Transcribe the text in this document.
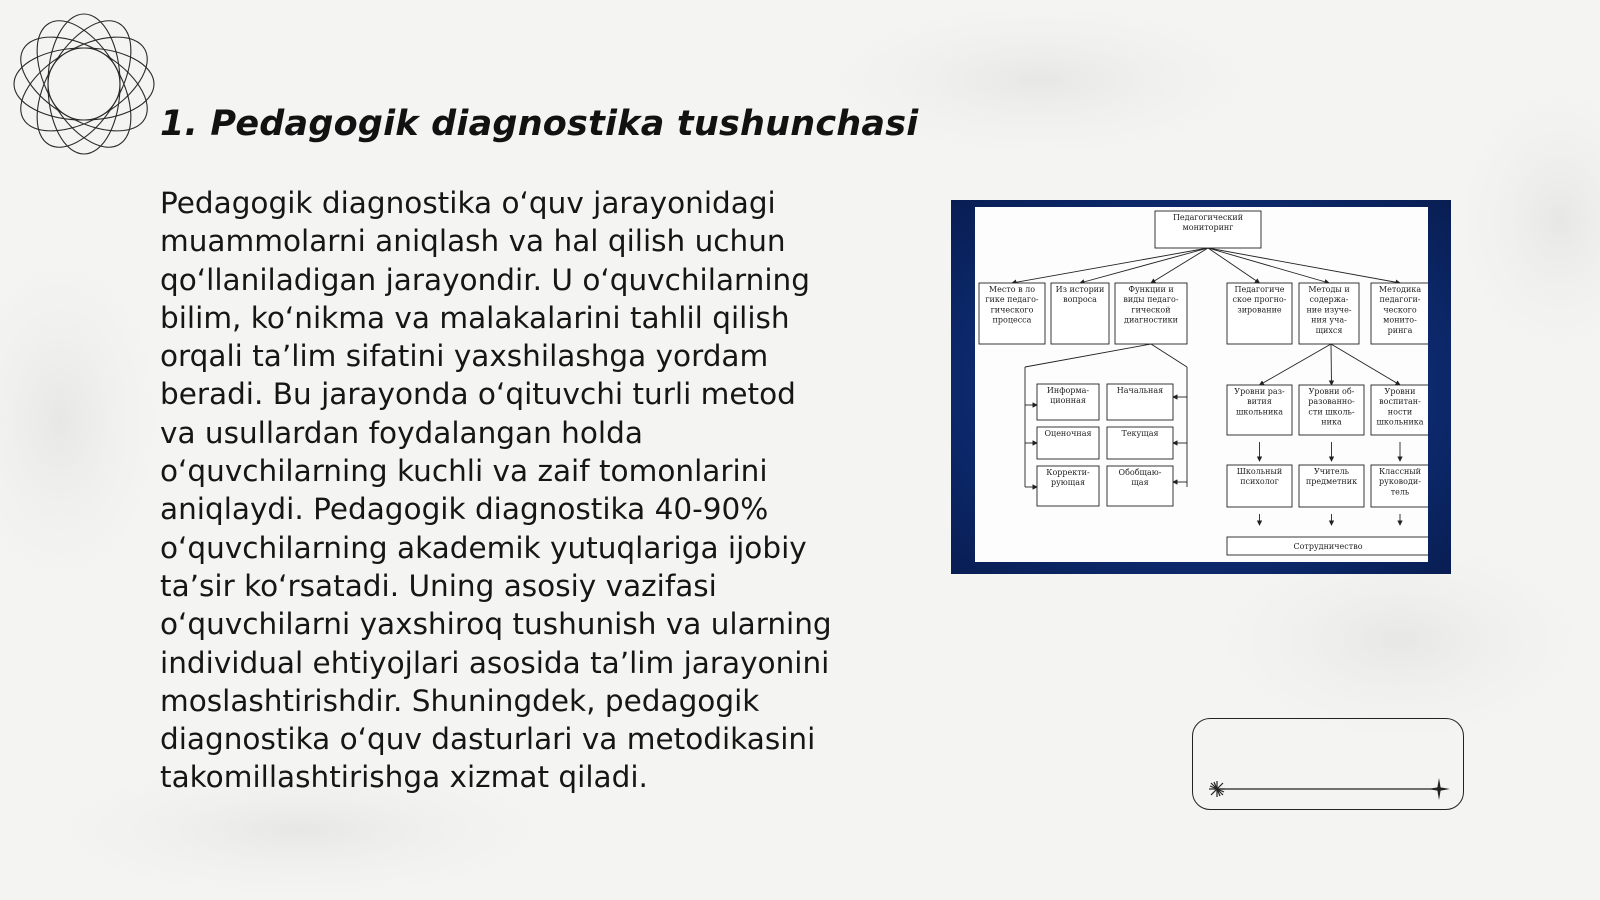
1. Pedagogik diagnostika tushunchasi

Pedagogik diagnostika o‘quv jarayonidagi
muammolarni aniqlash va hal qilish uchun
qo‘llaniladigan jarayondir. U o‘quvchilarning
bilim, ko‘nikma va malakalarini tahlil qilish
orqali ta’lim sifatini yaxshilashga yordam
beradi. Bu jarayonda o‘qituvchi turli metod
va usullardan foydalangan holda
o‘quvchilarning kuchli va zaif tomonlarini
aniqlaydi. Pedagogik diagnostika 40-90%
o‘quvchilarning akademik yutuqlariga ijobiy
ta’sir ko‘rsatadi. Uning asosiy vazifasi
o‘quvchilarni yaxshiroq tushunish va ularning
individual ehtiyojlari asosida ta’lim jarayonini
moslashtirishdir. Shuningdek, pedagogik
diagnostika o‘quv dasturlari va metodikasini
takomillashtirishga xizmat qiladi.

Педагогический
мониторинг
Место в ло
гике педаго-
гического
процесса
Из истории
вопроса
Функции и
виды педаго-
гической
диагностики
Педагогиче
ское прогно-
зирование
Методы и
содержа-
ние изуче-
ния уча-
щихся
Методика
педагоги-
ческого
монито-
ринга
Информа-
ционная
Начальная
Оценочная	Текущая
Корректи-
рующая
Обобщаю-
щая
Уровни раз-
вития
школьника
Уровни об-
разованно-
сти школь-
ника
Уровни
воспитан-
ности
школьника
Школьный
психолог
Учитель
предметник
Классный
руководи-
тель
Сотрудничество
